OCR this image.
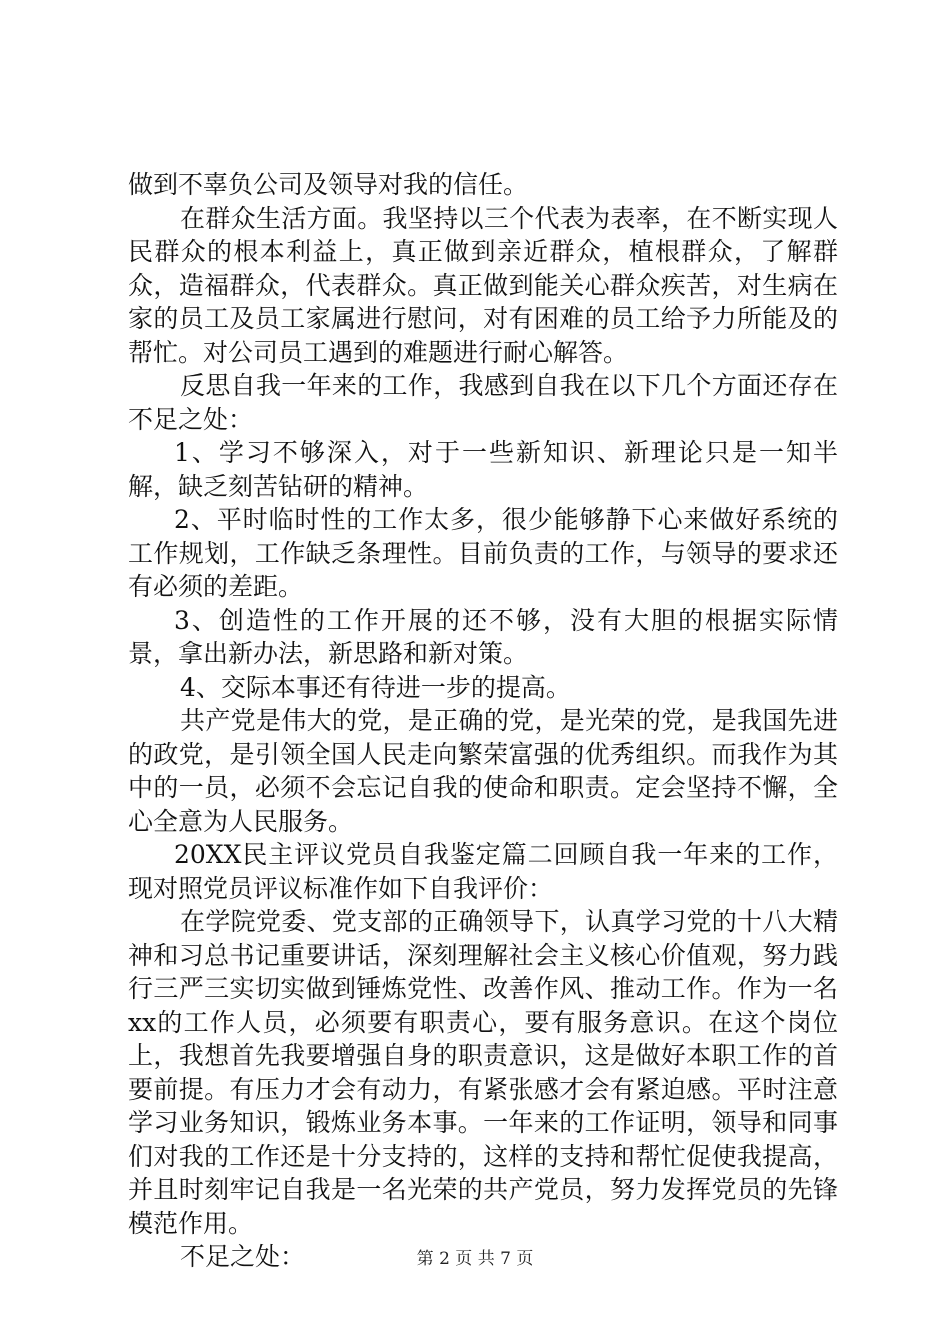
做到不辜负公司及领导对我的信任。

在群众生活方面。我坚持以三个代表为表率，在不断实现人民群众的根本利益上，真正做到亲近群众，植根群众，了解群众，造福群众，代表群众。真正做到能关心群众疾苦，对生病在家的员工及员工家属进行慰问，对有困难的员工给予力所能及的帮忙。对公司员工遇到的难题进行耐心解答。

反思自我一年来的工作，我感到自我在以下几个方面还存在不足之处：

1、学习不够深入，对于一些新知识、新理论只是一知半解，缺乏刻苦钻研的精神。

2、平时临时性的工作太多，很少能够静下心来做好系统的工作规划，工作缺乏条理性。目前负责的工作，与领导的要求还有必须的差距。

3、创造性的工作开展的还不够，没有大胆的根据实际情景，拿出新办法，新思路和新对策。

4、交际本事还有待进一步的提高。

共产党是伟大的党，是正确的党，是光荣的党，是我国先进的政党，是引领全国人民走向繁荣富强的优秀组织。而我作为其中的一员，必须不会忘记自我的使命和职责。定会坚持不懈，全心全意为人民服务。

20XX民主评议党员自我鉴定篇二回顾自我一年来的工作，现对照党员评议标准作如下自我评价：

在学院党委、党支部的正确领导下，认真学习党的十八大精神和习总书记重要讲话，深刻理解社会主义核心价值观，努力践行三严三实切实做到锤炼党性、改善作风、推动工作。作为一名xx的工作人员，必须要有职责心，要有服务意识。在这个岗位上，我想首先我要增强自身的职责意识，这是做好本职工作的首要前提。有压力才会有动力，有紧张感才会有紧迫感。平时注意学习业务知识，锻炼业务本事。一年来的工作证明，领导和同事们对我的工作还是十分支持的，这样的支持和帮忙促使我提高，并且时刻牢记自我是一名光荣的共产党员，努力发挥党员的先锋模范作用。

不足之处：	第 2 页 共 7 页
